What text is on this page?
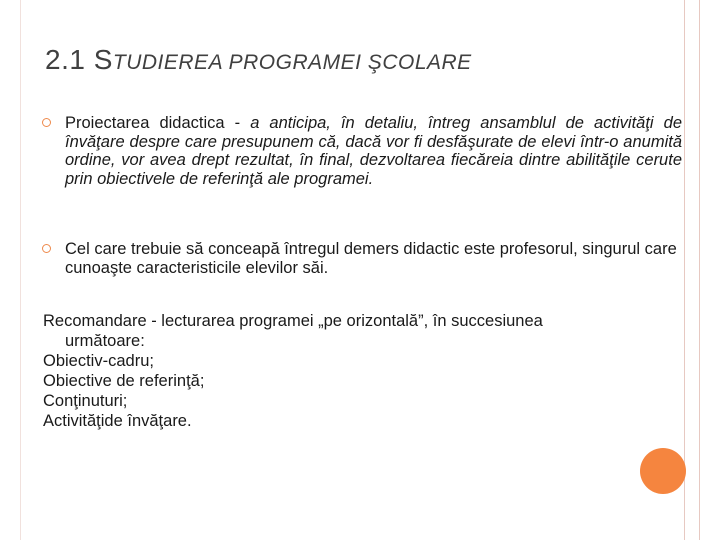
2.1 STUDIEREA PROGRAMEI ŞCOLARE
Proiectarea didactica - a anticipa, în detaliu, întreg ansamblul de activităţi de învăţare despre care presupunem că, dacă vor fi desfăşurate de elevi într-o anumită ordine, vor avea drept rezultat, în final, dezvoltarea fiecăreia dintre abilităţile cerute prin obiectivele de referinţă ale programei.
Cel care trebuie să conceapă întregul demers didactic este profesorul, singurul care cunoaşte caracteristicile elevilor săi.
Recomandare - lecturarea programei „pe orizontală”, în succesiunea
următoare:
Obiectiv-cadru;
Obiective de referinţă;
Conţinuturi;
Activităţide învăţare.
